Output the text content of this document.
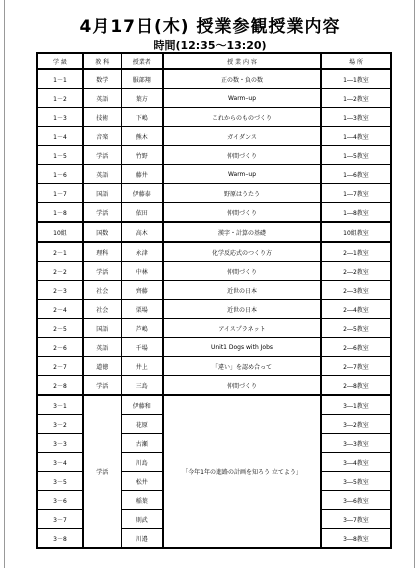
4月17日(木) 授業参観授業内容
時間(12:35〜13:20)
学 級	教 科	授業者	授 業 内 容	場 所
1－1	数学	服部翔	正の数・負の数	1―1教室
1－2	英語	葉方	Warm–up	1―2教室
1－3	技術	下嶋	これからのものづくり	1―3教室
1－4	音楽	熊木	ガイダンス	1―4教室
1－5	学活	竹野	仲間づくり	1―5教室
1－6	英語	藤井	Warm–up	1―6教室
1－7	国語	伊藤泰	野原はうたう	1―7教室
1－8	学活	依田	仲間づくり	1―8教室
10組	国数	高木	漢字・計算の基礎	10組教室
2－1	理科	永津	化学反応式のつくり方	2―1教室
2－2	学活	中林	仲間づくり	2―2教室
2－3	社会	齊藤	近世の日本	2―3教室
2－4	社会	栗場	近世の日本	2―4教室
2－5	国語	芦嶋	アイスプラネット	2―5教室
2－6	英語	千場	Unit1 Dogs with Jobs	2―6教室
2－7	道徳	井上	「違い」を認め合って	2―7教室
2－8	学活	三島	仲間づくり	2―8教室
3－1	学活	伊藤和	「今年1年の進路の計画を知ろう 立てよう」	3―1教室
3－2		花原		3―2教室
3－3		古瀬		3―3教室
3－4		川島		3―4教室
3－5		松井		3―5教室
3－6		稲葉		3―6教室
3－7		則武		3―7教室
3－8		川邉		3―8教室
